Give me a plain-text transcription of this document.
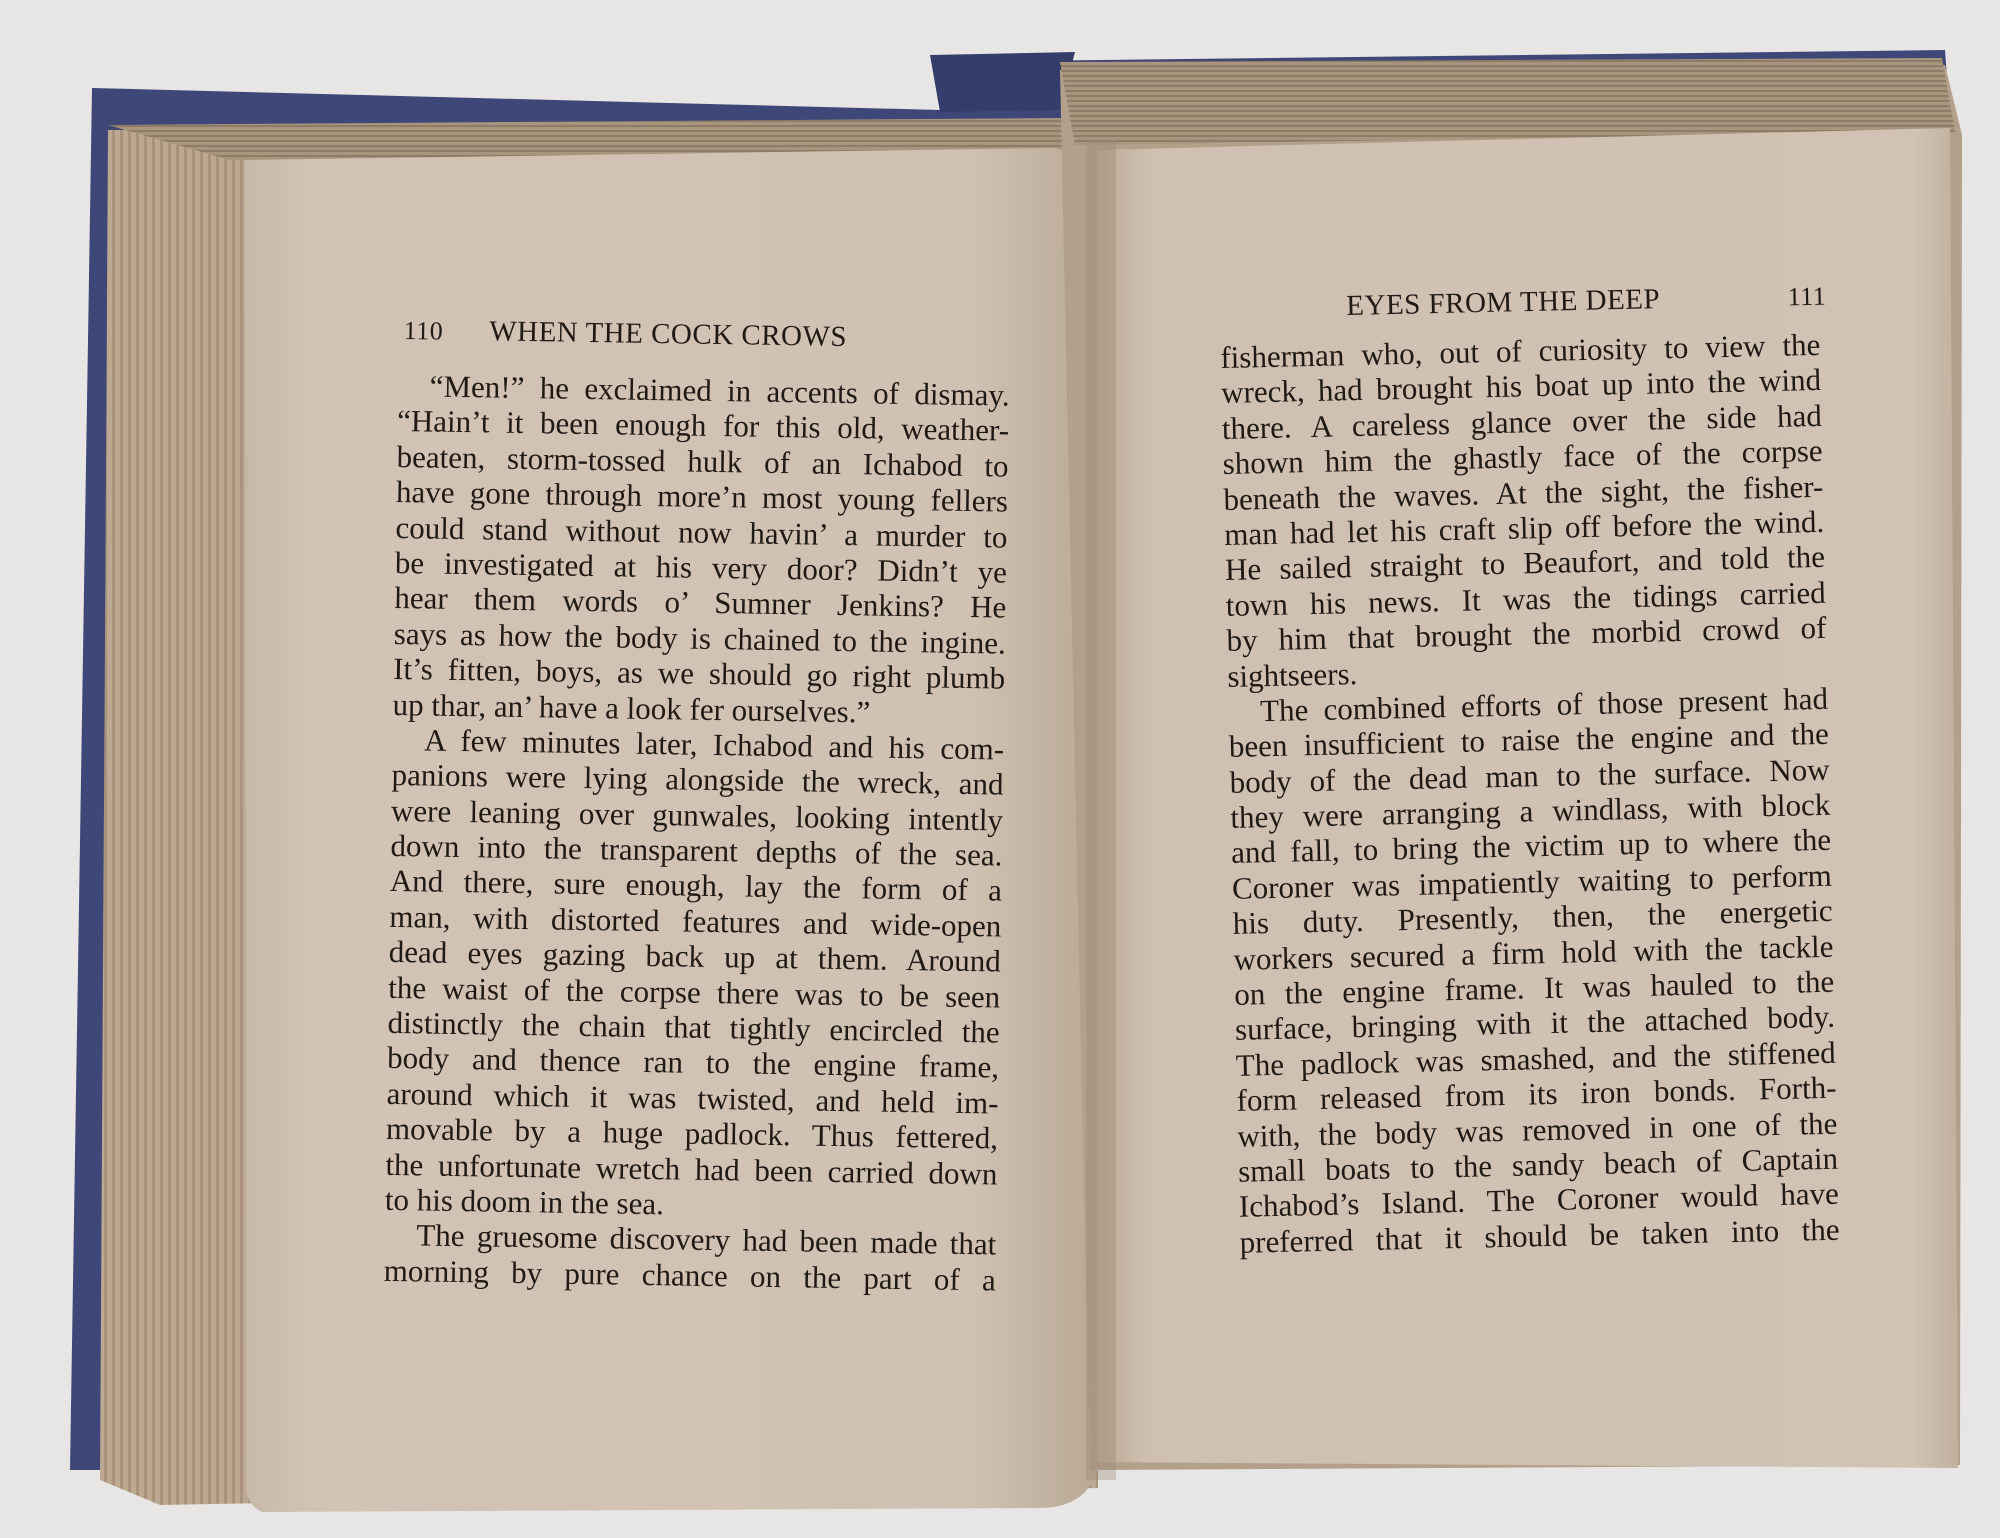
110 WHEN THE COCK CROWS
“Men!” he exclaimed in accents of dismay.
“Hain’t it been enough for this old, weather-
beaten, storm-tossed hulk of an Ichabod to
have gone through more’n most young fellers
could stand without now havin’ a murder to
be investigated at his very door? Didn’t ye
hear them words o’ Sumner Jenkins? He
says as how the body is chained to the ingine.
It’s fitten, boys, as we should go right plumb
up thar, an’ have a look fer ourselves.”
A few minutes later, Ichabod and his com-
panions were lying alongside the wreck, and
were leaning over gunwales, looking intently
down into the transparent depths of the sea.
And there, sure enough, lay the form of a
man, with distorted features and wide-open
dead eyes gazing back up at them. Around
the waist of the corpse there was to be seen
distinctly the chain that tightly encircled the
body and thence ran to the engine frame,
around which it was twisted, and held im-
movable by a huge padlock. Thus fettered,
the unfortunate wretch had been carried down
to his doom in the sea.
The gruesome discovery had been made that
morning by pure chance on the part of a
EYES FROM THE DEEP	111
fisherman who, out of curiosity to view the
wreck, had brought his boat up into the wind
there. A careless glance over the side had
shown him the ghastly face of the corpse
beneath the waves. At the sight, the fisher-
man had let his craft slip off before the wind.
He sailed straight to Beaufort, and told the
town his news. It was the tidings carried
by him that brought the morbid crowd of
sightseers.
The combined efforts of those present had
been insufficient to raise the engine and the
body of the dead man to the surface. Now
they were arranging a windlass, with block
and fall, to bring the victim up to where the
Coroner was impatiently waiting to perform
his duty. Presently, then, the energetic
workers secured a firm hold with the tackle
on the engine frame. It was hauled to the
surface, bringing with it the attached body.
The padlock was smashed, and the stiffened
form released from its iron bonds. Forth-
with, the body was removed in one of the
small boats to the sandy beach of Captain
Ichabod’s Island. The Coroner would have
preferred that it should be taken into the
